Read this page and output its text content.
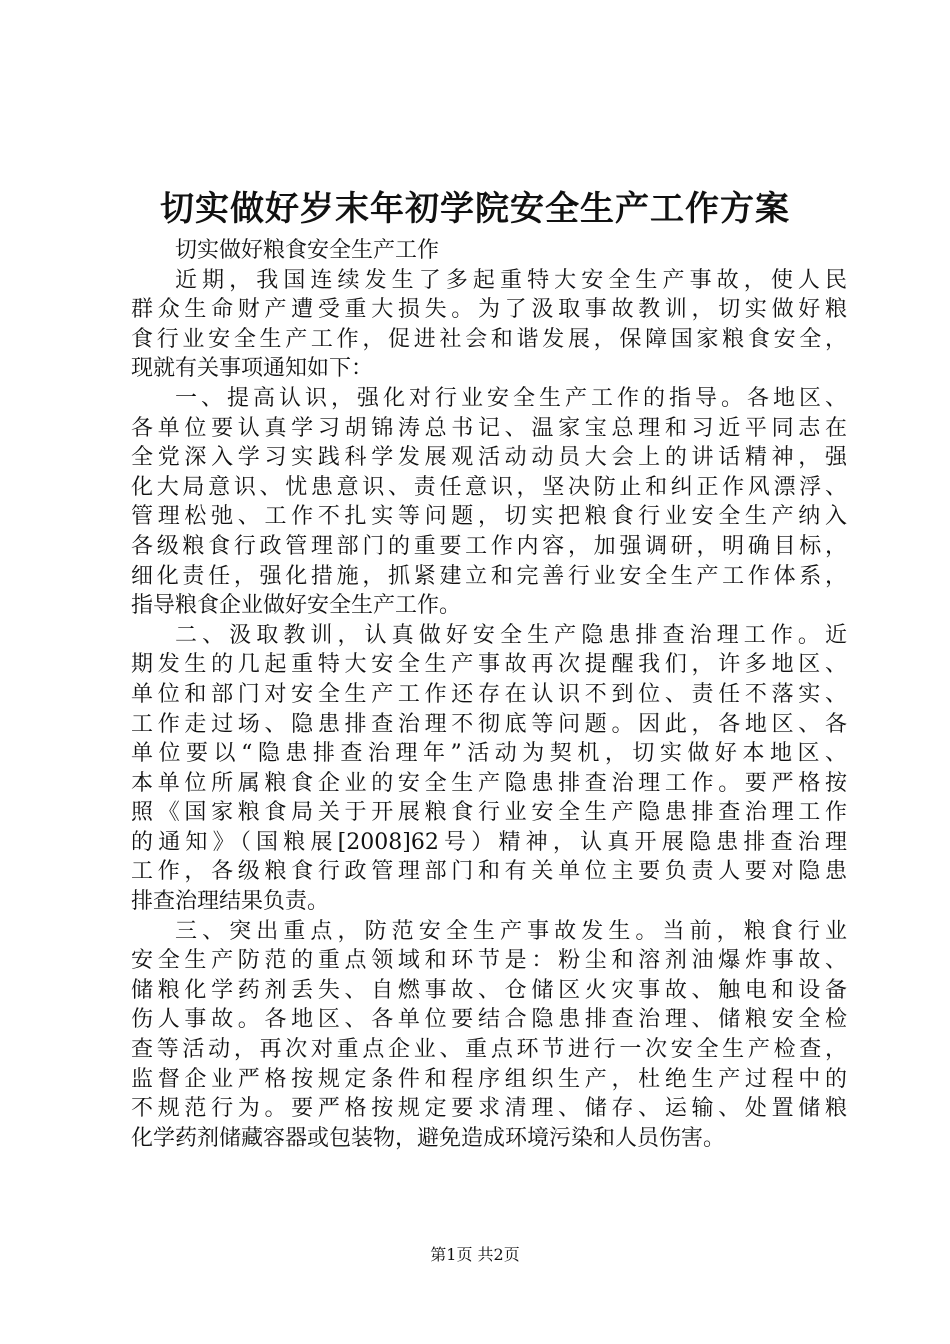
切实做好岁末年初学院安全生产工作方案
切实做好粮食安全生产工作
近期，我国连续发生了多起重特大安全生产事故，使人民
群众生命财产遭受重大损失。为了汲取事故教训，切实做好粮
食行业安全生产工作，促进社会和谐发展，保障国家粮食安全，
现就有关事项通知如下：
一、提高认识，强化对行业安全生产工作的指导。各地区、
各单位要认真学习胡锦涛总书记、温家宝总理和习近平同志在
全党深入学习实践科学发展观活动动员大会上的讲话精神，强
化大局意识、忧患意识、责任意识，坚决防止和纠正作风漂浮、
管理松弛、工作不扎实等问题，切实把粮食行业安全生产纳入
各级粮食行政管理部门的重要工作内容，加强调研，明确目标，
细化责任，强化措施，抓紧建立和完善行业安全生产工作体系，
指导粮食企业做好安全生产工作。
二、汲取教训，认真做好安全生产隐患排查治理工作。近
期发生的几起重特大安全生产事故再次提醒我们，许多地区、
单位和部门对安全生产工作还存在认识不到位、责任不落实、
工作走过场、隐患排查治理不彻底等问题。因此，各地区、各
单位要以“隐患排查治理年”活动为契机，切实做好本地区、
本单位所属粮食企业的安全生产隐患排查治理工作。要严格按
照《国家粮食局关于开展粮食行业安全生产隐患排查治理工作
的通知》（国粮展[2008]62号）精神，认真开展隐患排查治理
工作，各级粮食行政管理部门和有关单位主要负责人要对隐患
排查治理结果负责。
三、突出重点，防范安全生产事故发生。当前，粮食行业
安全生产防范的重点领域和环节是：粉尘和溶剂油爆炸事故、
储粮化学药剂丢失、自燃事故、仓储区火灾事故、触电和设备
伤人事故。各地区、各单位要结合隐患排查治理、储粮安全检
查等活动，再次对重点企业、重点环节进行一次安全生产检查，
监督企业严格按规定条件和程序组织生产，杜绝生产过程中的
不规范行为。要严格按规定要求清理、储存、运输、处置储粮
化学药剂储藏容器或包装物，避免造成环境污染和人员伤害。
第1页 共2页
